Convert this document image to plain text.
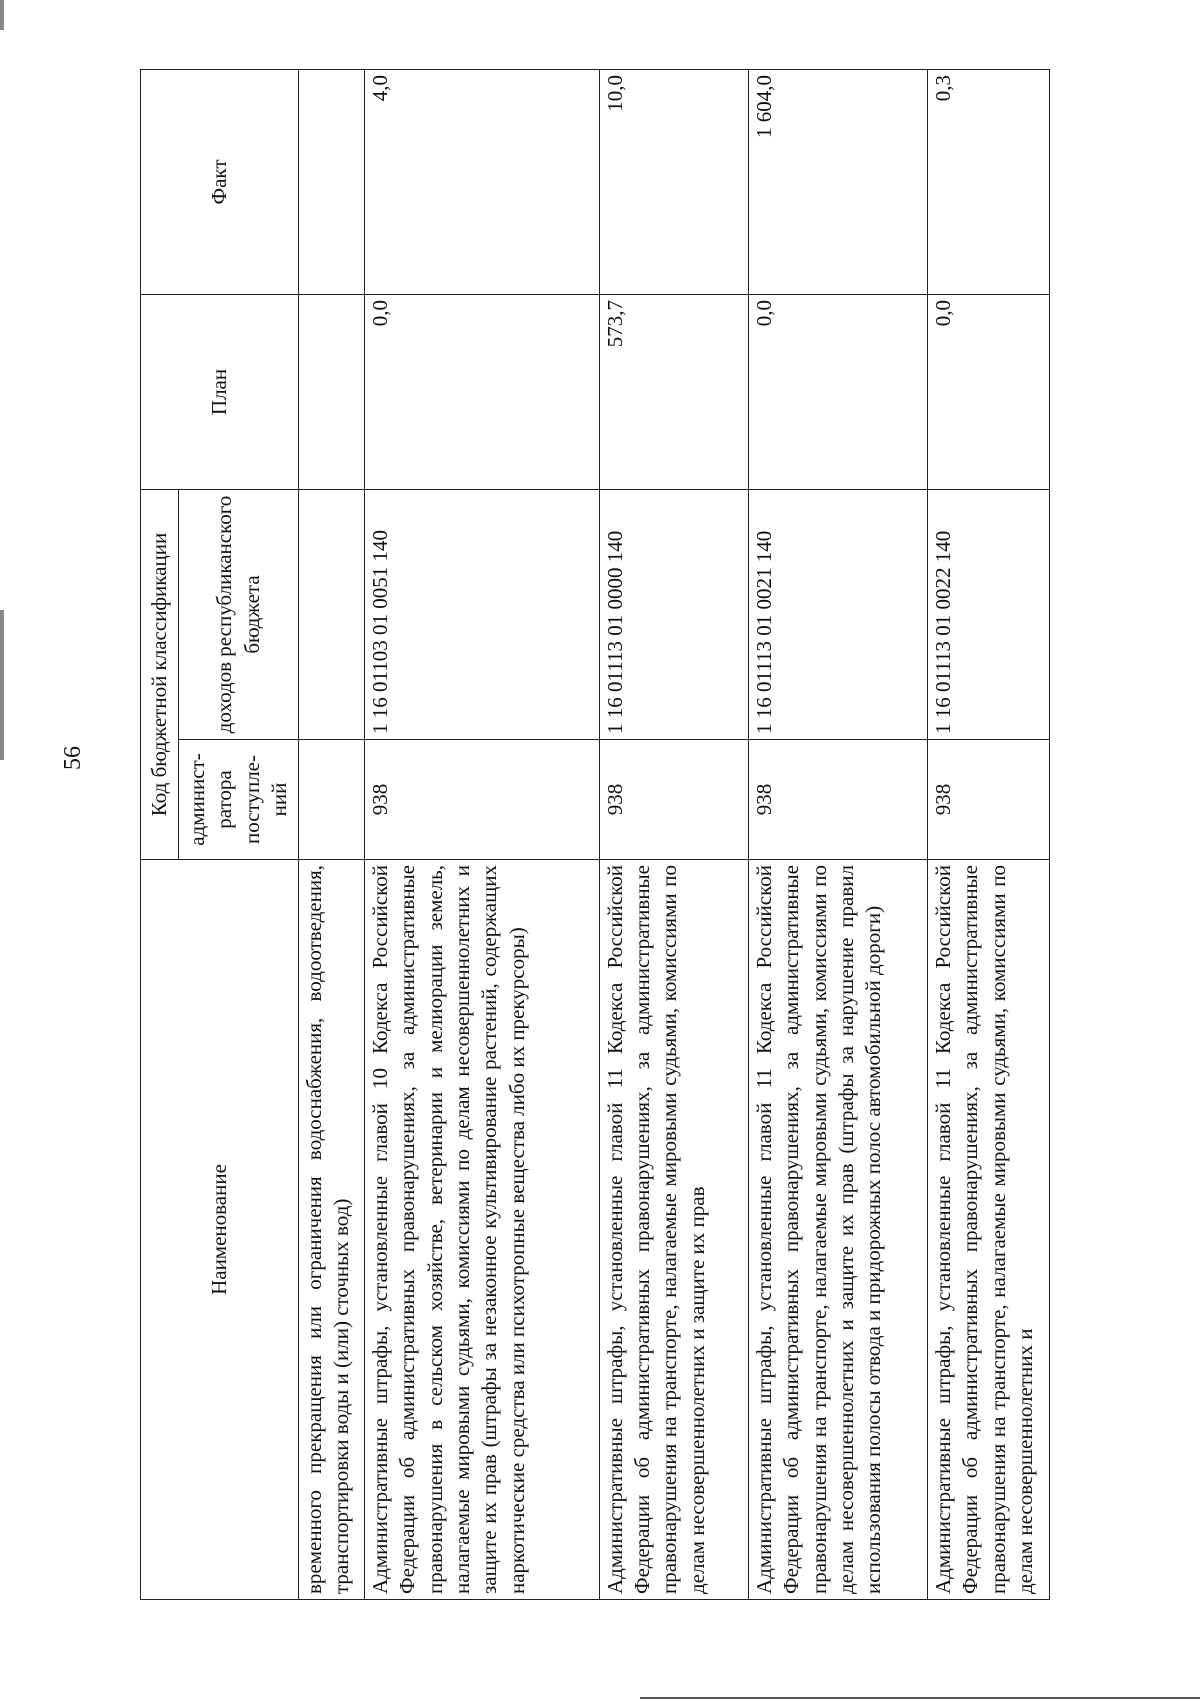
56
Наименование	Код бюджетной классификации		План	Факт
	админист-ратора поступле-ний	доходов республиканского бюджета		
временного прекращения или ограничения водоснабжения, водоотведения, транспортировки воды и (или) сточных вод)				
Административные штрафы, установленные главой 10 Кодекса Российской Федерации об административных правонарушениях, за административные правонарушения в сельском хозяйстве, ветеринарии и мелиорации земель, налагаемые мировыми судьями, комиссиями по делам несовершеннолетних и защите их прав (штрафы за незаконное культивирование растений, содержащих наркотические средства или психотропные вещества либо их прекурсоры)	938	1 16 01103 01 0051 140	0,0	4,0
Административные штрафы, установленные главой 11 Кодекса Российской Федерации об административных правонарушениях, за административные правонарушения на транспорте, налагаемые мировыми судьями, комиссиями по делам несовершеннолетних и защите их прав	938	1 16 01113 01 0000 140	573,7	10,0
Административные штрафы, установленные главой 11 Кодекса Российской Федерации об административных правонарушениях, за административные правонарушения на транспорте, налагаемые мировыми судьями, комиссиями по делам несовершеннолетних и защите их прав (штрафы за нарушение правил использования полосы отвода и придорожных полос автомобильной дороги)	938	1 16 01113 01 0021 140	0,0	1 604,0
Административные штрафы, установленные главой 11 Кодекса Российской Федерации об административных правонарушениях, за административные правонарушения на транспорте, налагаемые мировыми судьями, комиссиями по делам несовершеннолетних и	938	1 16 01113 01 0022 140	0,0	0,3
